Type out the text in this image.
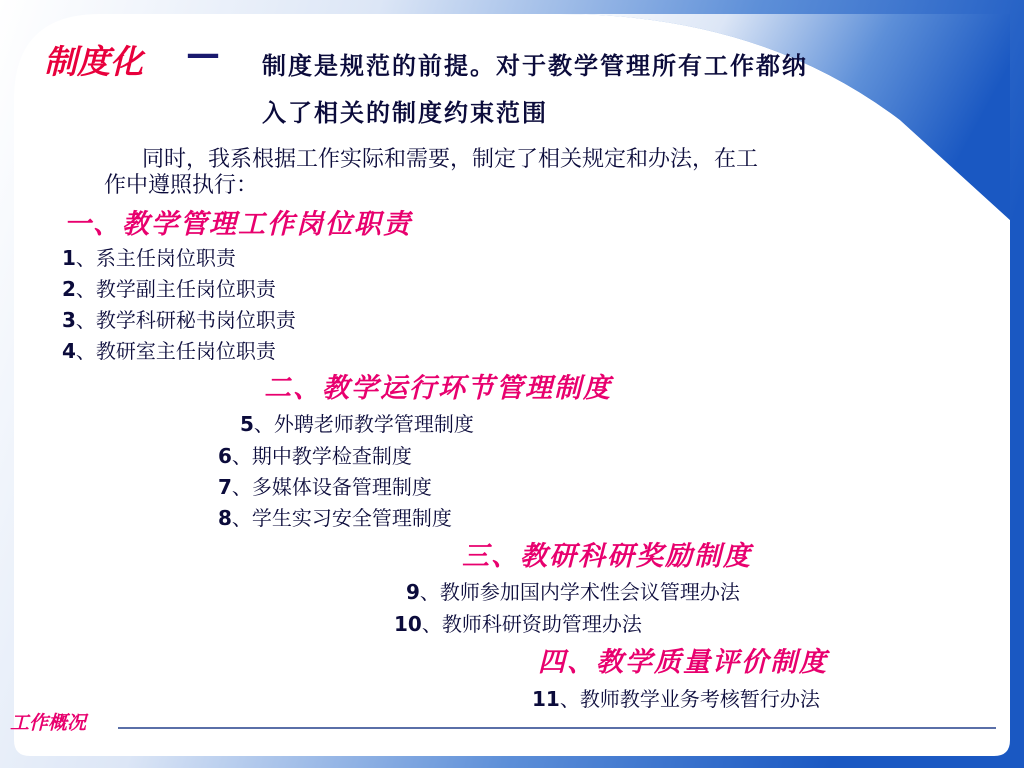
制度化 — 制度是规范的前提。对于教学管理所有工作都纳
入了相关的制度约束范围
同时，我系根据工作实际和需要，制定了相关规定和办法，在工
作中遵照执行：
一、教学管理工作岗位职责
1、系主任岗位职责
2、教学副主任岗位职责
3、教学科研秘书岗位职责
4、教研室主任岗位职责
二、教学运行环节管理制度
5、外聘老师教学管理制度
6、期中教学检查制度
7、多媒体设备管理制度
8、学生实习安全管理制度
三、教研科研奖励制度
9、教师参加国内学术性会议管理办法
10、教师科研资助管理办法
四、教学质量评价制度
11、教师教学业务考核暂行办法
工作概况
